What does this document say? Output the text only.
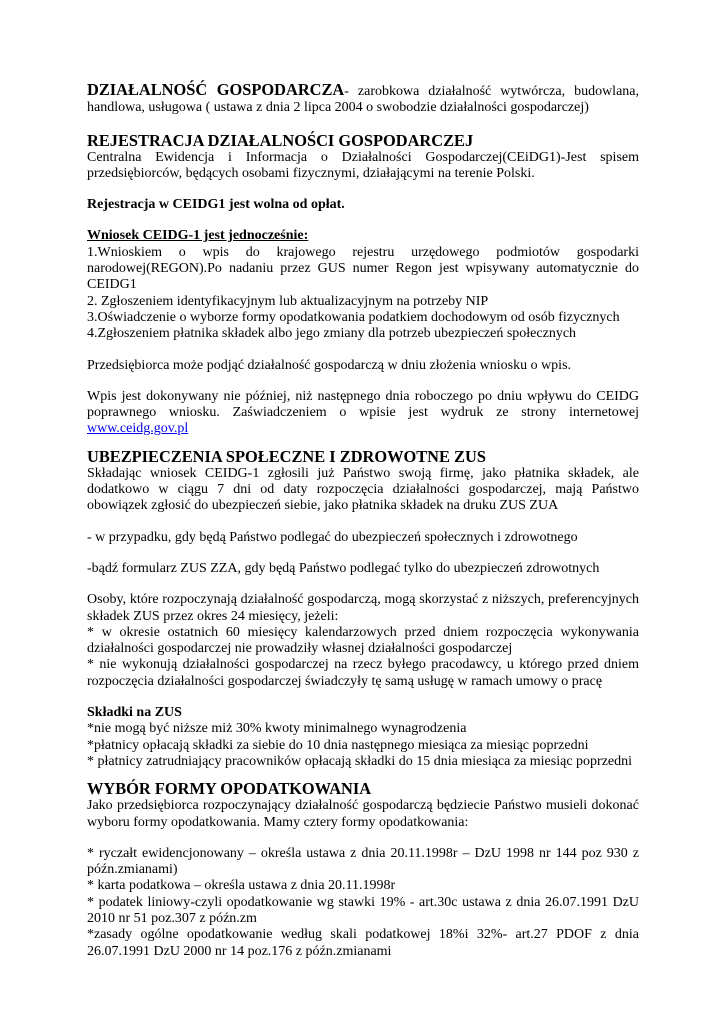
DZIAŁALNOŚĆ GOSPODARCZA- zarobkowa działalność wytwórcza, budowlana, handlowa, usługowa ( ustawa z dnia 2 lipca 2004 o swobodzie działalności gospodarczej)

REJESTRACJA DZIAŁALNOŚCI GOSPODARCZEJ

Centralna Ewidencja i Informacja o Działalności Gospodarczej(CEiDG1)-Jest spisem przedsiębiorców, będących osobami fizycznymi, działającymi na terenie Polski.

Rejestracja w CEIDG1 jest wolna od opłat.

Wniosek CEIDG-1 jest jednocześnie:

1.Wnioskiem o wpis do krajowego rejestru urzędowego podmiotów gospodarki narodowej(REGON).Po nadaniu przez GUS numer Regon jest wpisywany automatycznie do CEIDG1

2. Zgłoszeniem identyfikacyjnym lub aktualizacyjnym na potrzeby NIP

3.Oświadczenie o wyborze formy opodatkowania podatkiem dochodowym od osób fizycznych

4.Zgłoszeniem płatnika składek albo jego zmiany dla potrzeb ubezpieczeń społecznych

Przedsiębiorca może podjąć działalność gospodarczą w dniu złożenia wniosku o wpis.

Wpis jest dokonywany nie później, niż następnego dnia roboczego po dniu wpływu do CEIDG poprawnego wniosku. Zaświadczeniem o wpisie jest wydruk ze strony internetowej www.ceidg.gov.pl

UBEZPIECZENIA SPOŁECZNE I ZDROWOTNE ZUS

Składając wniosek CEIDG-1 zgłosili już Państwo swoją firmę, jako płatnika składek, ale dodatkowo w ciągu 7 dni od daty rozpoczęcia działalności gospodarczej, mają Państwo obowiązek zgłosić do ubezpieczeń siebie, jako płatnika składek na druku ZUS ZUA

- w przypadku, gdy będą Państwo podlegać do ubezpieczeń społecznych i zdrowotnego

-bądź formularz ZUS ZZA, gdy będą Państwo podlegać tylko do ubezpieczeń zdrowotnych

Osoby, które rozpoczynają działalność gospodarczą, mogą skorzystać z niższych, preferencyjnych składek ZUS przez okres 24 miesięcy, jeżeli:

* w okresie ostatnich 60 miesięcy kalendarzowych przed dniem rozpoczęcia wykonywania działalności gospodarczej nie prowadziły własnej działalności gospodarczej

* nie wykonują działalności gospodarczej na rzecz byłego pracodawcy, u którego przed dniem rozpoczęcia działalności gospodarczej świadczyły tę samą usługę w ramach umowy o pracę

Składki na ZUS

*nie mogą być niższe miż 30% kwoty minimalnego wynagrodzenia

*płatnicy opłacają składki za siebie do 10 dnia następnego miesiąca za miesiąc poprzedni

* płatnicy zatrudniający pracowników opłacają składki do 15 dnia miesiąca za miesiąc poprzedni

WYBÓR FORMY OPODATKOWANIA

Jako przedsiębiorca rozpoczynający działalność gospodarczą będziecie Państwo musieli dokonać wyboru formy opodatkowania. Mamy cztery formy opodatkowania:

* ryczałt ewidencjonowany – określa ustawa z dnia 20.11.1998r – DzU 1998 nr 144 poz 930 z późn.zmianami)

* karta podatkowa – określa ustawa z dnia 20.11.1998r

* podatek liniowy-czyli opodatkowanie wg stawki 19% - art.30c ustawa z dnia 26.07.1991 DzU 2010 nr 51 poz.307 z późn.zm

*zasady ogólne opodatkowanie według skali podatkowej 18%i 32%- art.27 PDOF z dnia 26.07.1991 DzU 2000 nr 14 poz.176 z późn.zmianami
